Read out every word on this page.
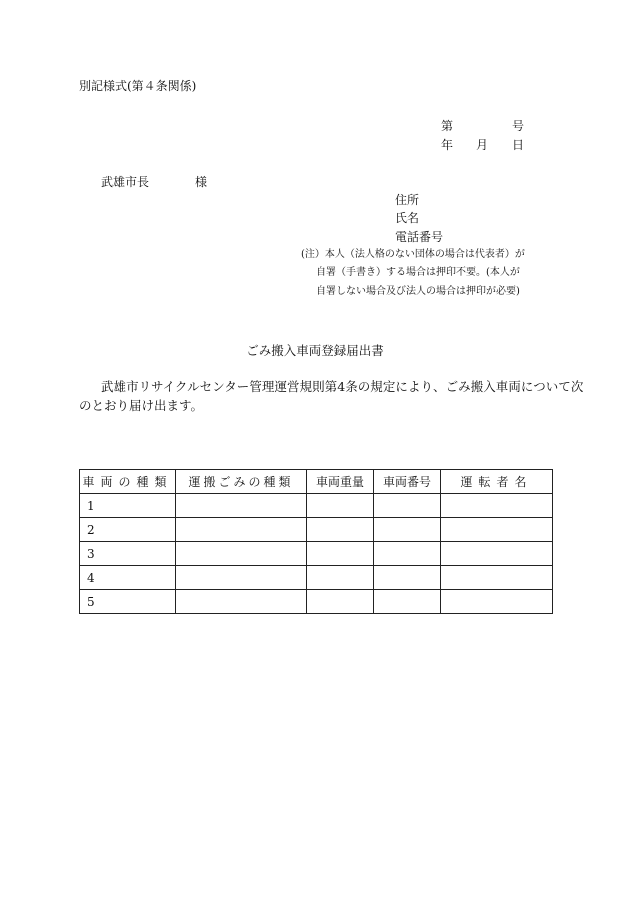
別記様式(第４条関係)
第	号
年 月 日
武雄市長	様
住所
氏名
電話番号
(注）本人（法人格のない団体の場合は代表者）が
自署（手書き）する場合は押印不要。(本人が
自署しない場合及び法人の場合は押印が必要)
ごみ搬入車両登録届出書
武雄市リサイクルセンター管理運営規則第4条の規定により、ごみ搬入車両について次
のとおり届け出ます。
車両の種類	運搬ごみの種類	車両重量	車両番号	運転者名
1				
2				
3				
4				
5				
